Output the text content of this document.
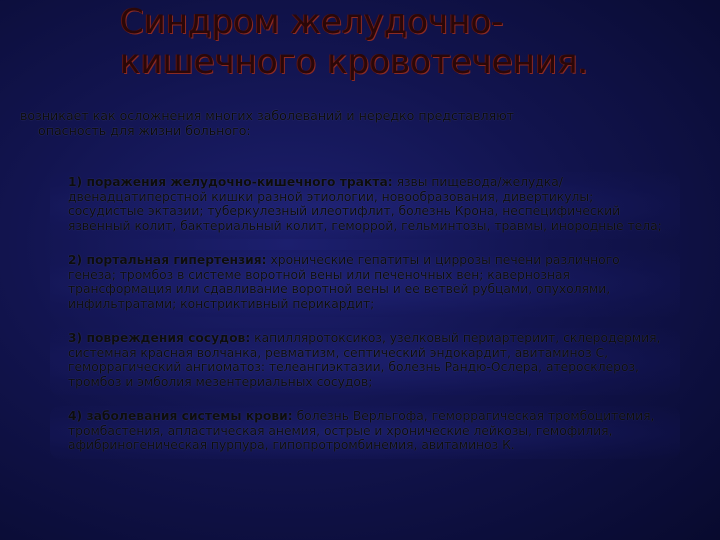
Синдром желудочно-
кишечного кровотечения.

возникает как осложнения многих заболеваний и нередко представляют
опасность для жизни больного:

1) поражения желудочно-кишечного тракта: язвы пищевода/желудка/двенадцатиперстной кишки разной этиологии, новообразования, дивертикулы; сосудистые эктазии; туберкулезный илеотифлит, болезнь Крона, неспецифический язвенный колит, бактериальный колит, геморрой, гельминтозы, травмы, инородные тела;
2) портальная гипертензия: хронические гепатиты и циррозы печени различного генеза; тромбоз в системе воротной вены или печеночных вен; кавернозная трансформация или сдавливание воротной вены и ее ветвей рубцами, опухолями, инфильтратами; констриктивный перикардит;
3) повреждения сосудов: капилляротоксикоз, узелковый периартериит, склеродермия, системная красная волчанка, ревматизм, септический эндокардит, авитаминоз С, геморрагический ангиоматоз: телеангиэктазии, болезнь Рандю-Ослера, атеросклероз, тромбоз и эмболия мезентериальных сосудов;
4) заболевания системы крови: болезнь Верльгофа, геморрагическая тромбоцитемия, тромбастения, апластическая анемия, острые и хронические лейкозы, гемофилия, афибриногеническая пурпура, гипопротромбинемия, авитаминоз К.
